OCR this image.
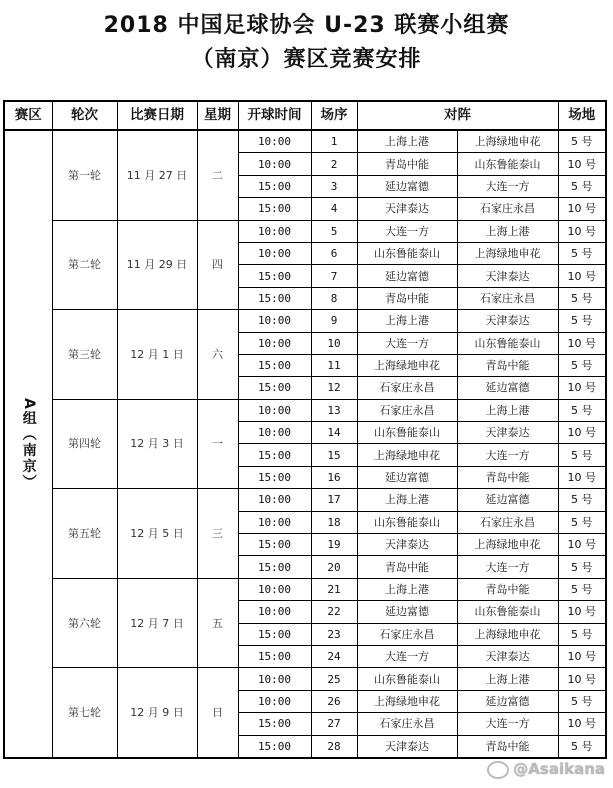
2018 中国足球协会 U-23 联赛小组赛
（南京）赛区竞赛安排
赛区	轮次	比赛日期	星期	开球时间	场序	对阵		场地
A组（南京）	第一轮	11 月 27 日	二	10:00	1	上海上港	上海绿地申花	5 号
				10:00	2	青岛中能	山东鲁能泰山	10 号
				15:00	3	延边富德	大连一方	5 号
				15:00	4	天津泰达	石家庄永昌	10 号
	第二轮	11 月 29 日	四	10:00	5	大连一方	上海上港	10 号
				10:00	6	山东鲁能泰山	上海绿地申花	5 号
				15:00	7	延边富德	天津泰达	10 号
				15:00	8	青岛中能	石家庄永昌	5 号
	第三轮	12 月 1 日	六	10:00	9	上海上港	天津泰达	5 号
				10:00	10	大连一方	山东鲁能泰山	10 号
				15:00	11	上海绿地申花	青岛中能	5 号
				15:00	12	石家庄永昌	延边富德	10 号
	第四轮	12 月 3 日	一	10:00	13	石家庄永昌	上海上港	5 号
				10:00	14	山东鲁能泰山	天津泰达	10 号
				15:00	15	上海绿地申花	大连一方	5 号
				15:00	16	延边富德	青岛中能	10 号
	第五轮	12 月 5 日	三	10:00	17	上海上港	延边富德	5 号
				10:00	18	山东鲁能泰山	石家庄永昌	5 号
				15:00	19	天津泰达	上海绿地申花	10 号
				15:00	20	青岛中能	大连一方	5 号
	第六轮	12 月 7 日	五	10:00	21	上海上港	青岛中能	5 号
				10:00	22	延边富德	山东鲁能泰山	10 号
				15:00	23	石家庄永昌	上海绿地申花	5 号
				15:00	24	大连一方	天津泰达	10 号
	第七轮	12 月 9 日	日	10:00	25	山东鲁能泰山	上海上港	10 号
				10:00	26	上海绿地申花	延边富德	5 号
				15:00	27	石家庄永昌	大连一方	10 号
				15:00	28	天津泰达	青岛中能	5 号
@Asaikana
